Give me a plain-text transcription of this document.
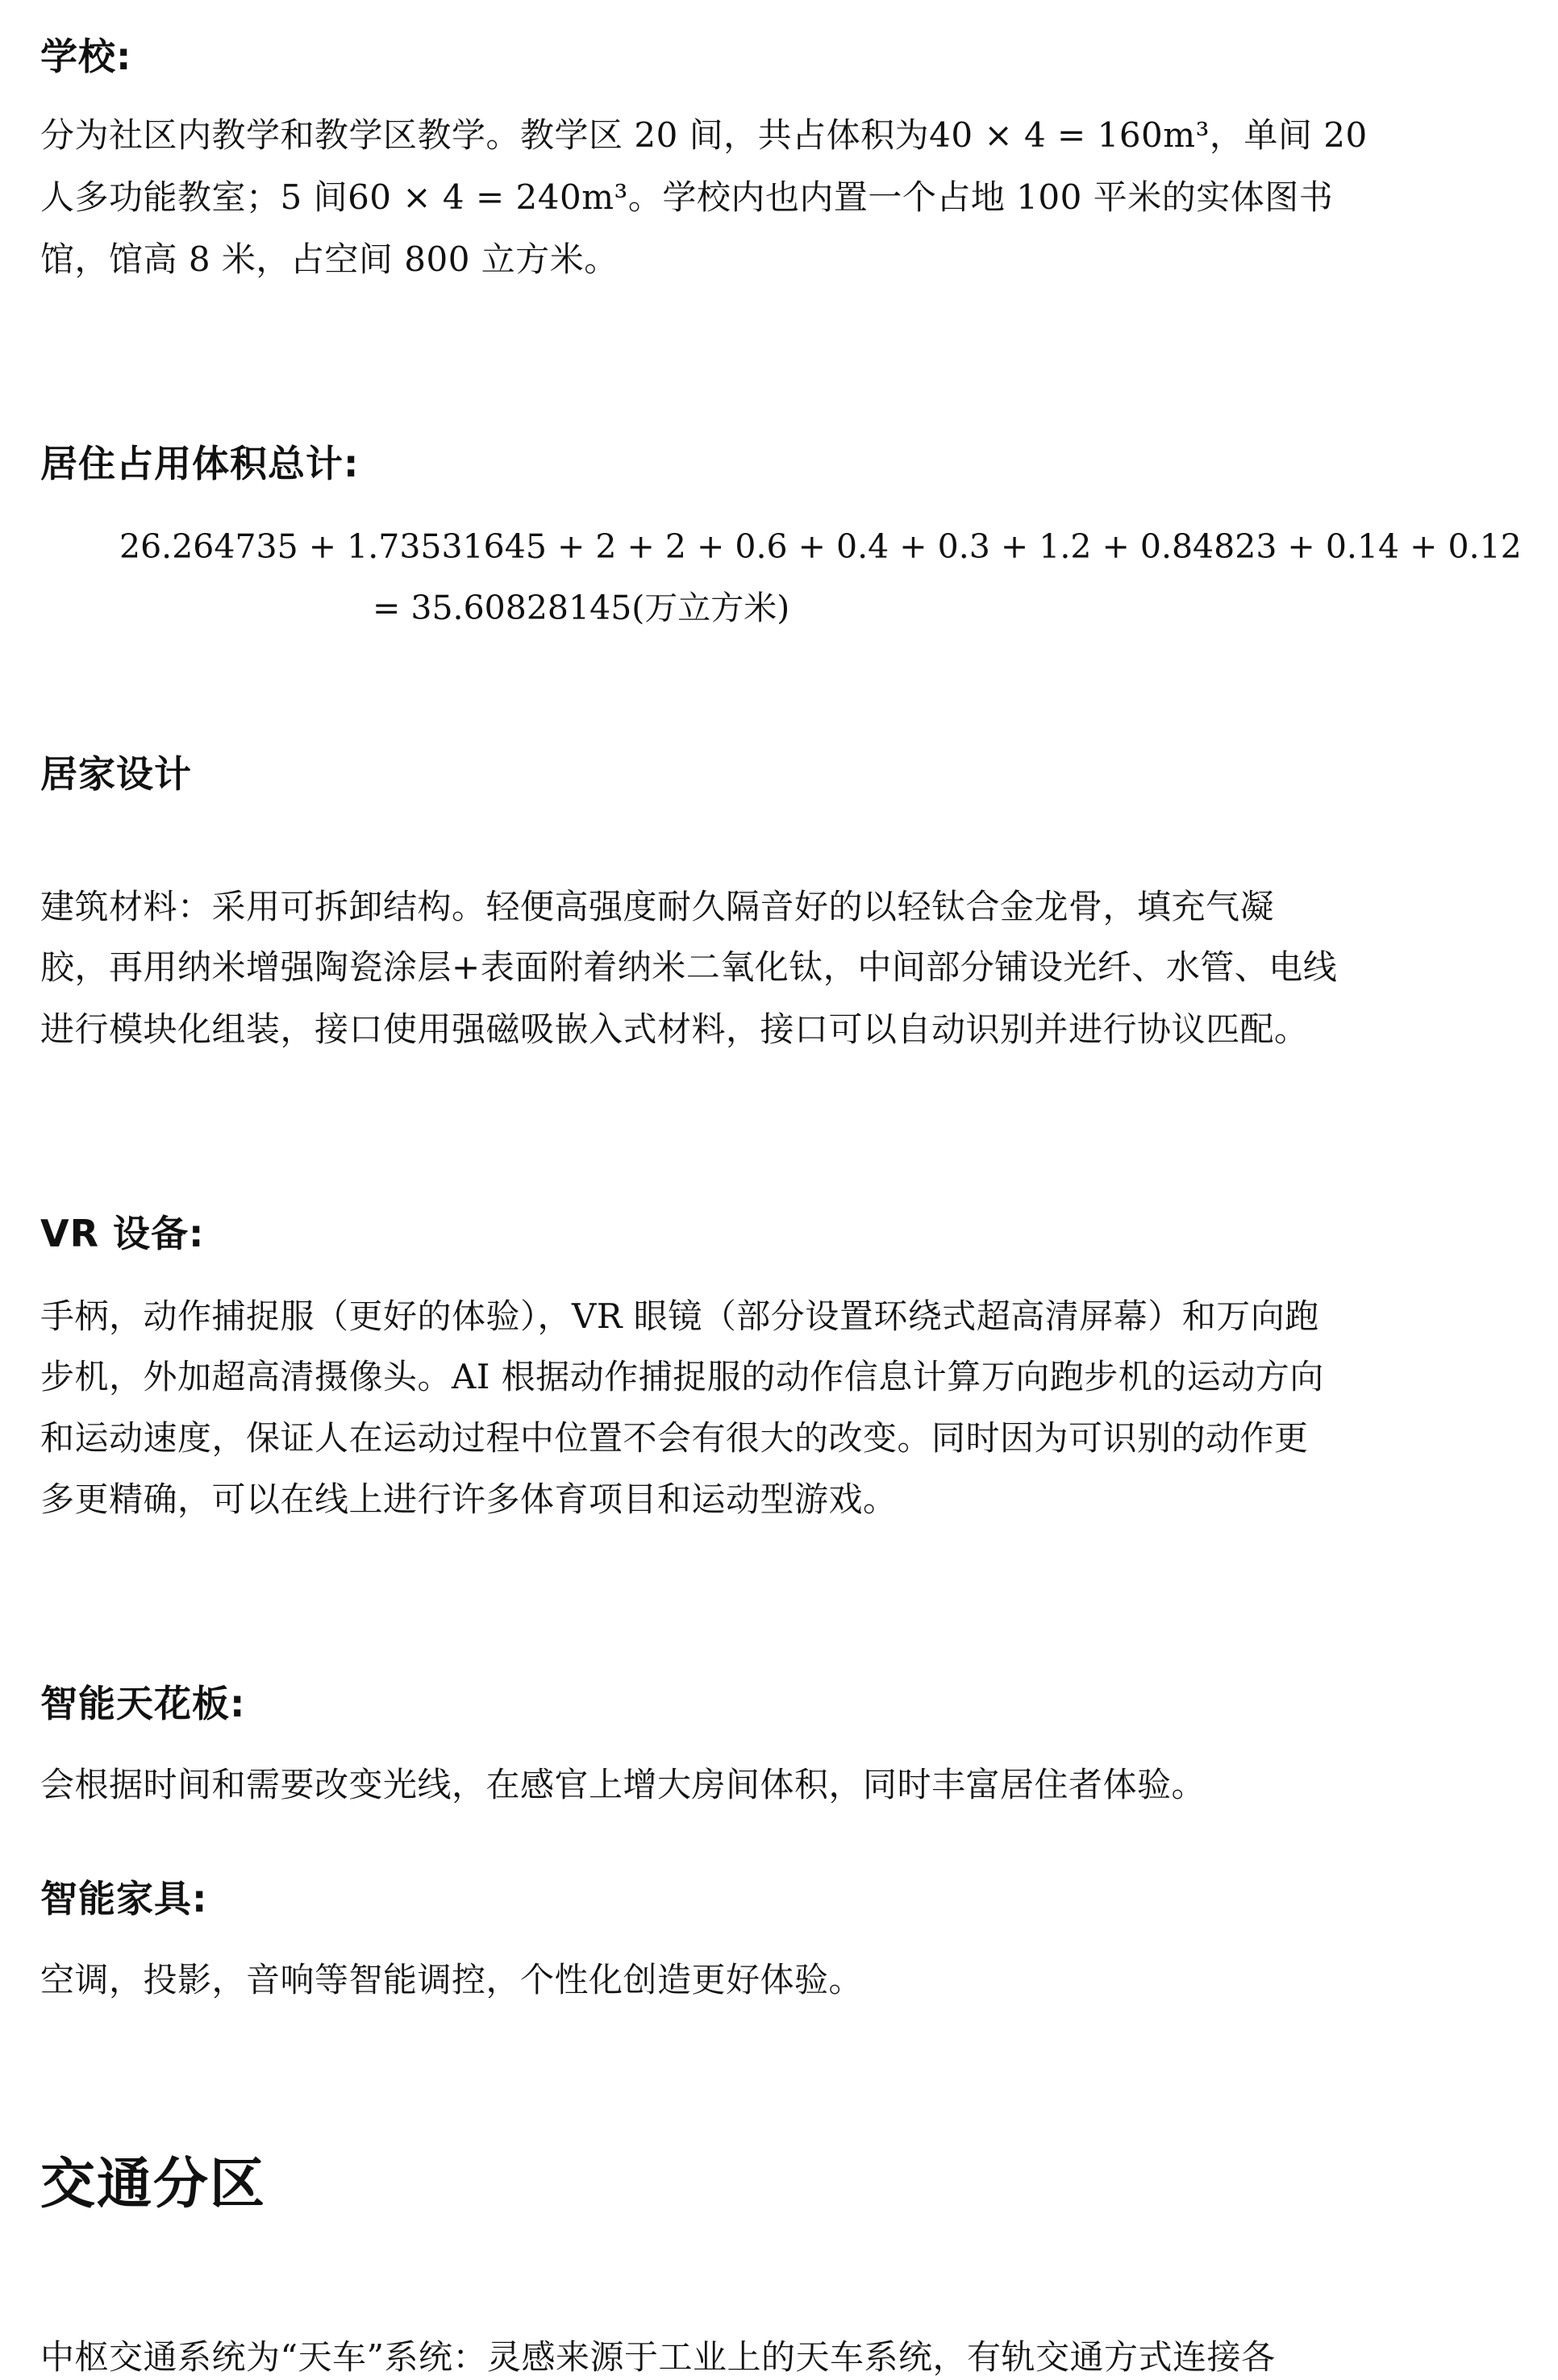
学校:
分为社区内教学和教学区教学。教学区 20 间，共占体积为40 × 4 = 160m³，单间 20
人多功能教室；5 间60 × 4 = 240m³。学校内也内置一个占地 100 平米的实体图书
馆，馆高 8 米，占空间 800 立方米。
居住占用体积总计:
26.264735 + 1.73531645 + 2 + 2 + 0.6 + 0.4 + 0.3 + 1.2 + 0.84823 + 0.14 + 0.12
= 35.60828145(万立方米)
居家设计
建筑材料：采用可拆卸结构。轻便高强度耐久隔音好的以轻钛合金龙骨，填充气凝
胶，再用纳米增强陶瓷涂层+表面附着纳米二氧化钛，中间部分铺设光纤、水管、电线
进行模块化组装，接口使用强磁吸嵌入式材料，接口可以自动识别并进行协议匹配。
VR 设备:
手柄，动作捕捉服（更好的体验），VR 眼镜（部分设置环绕式超高清屏幕）和万向跑
步机，外加超高清摄像头。AI 根据动作捕捉服的动作信息计算万向跑步机的运动方向
和运动速度，保证人在运动过程中位置不会有很大的改变。同时因为可识别的动作更
多更精确，可以在线上进行许多体育项目和运动型游戏。
智能天花板:
会根据时间和需要改变光线，在感官上增大房间体积，同时丰富居住者体验。
智能家具:
空调，投影，音响等智能调控，个性化创造更好体验。
交通分区
中枢交通系统为“天车”系统：灵感来源于工业上的天车系统，有轨交通方式连接各
